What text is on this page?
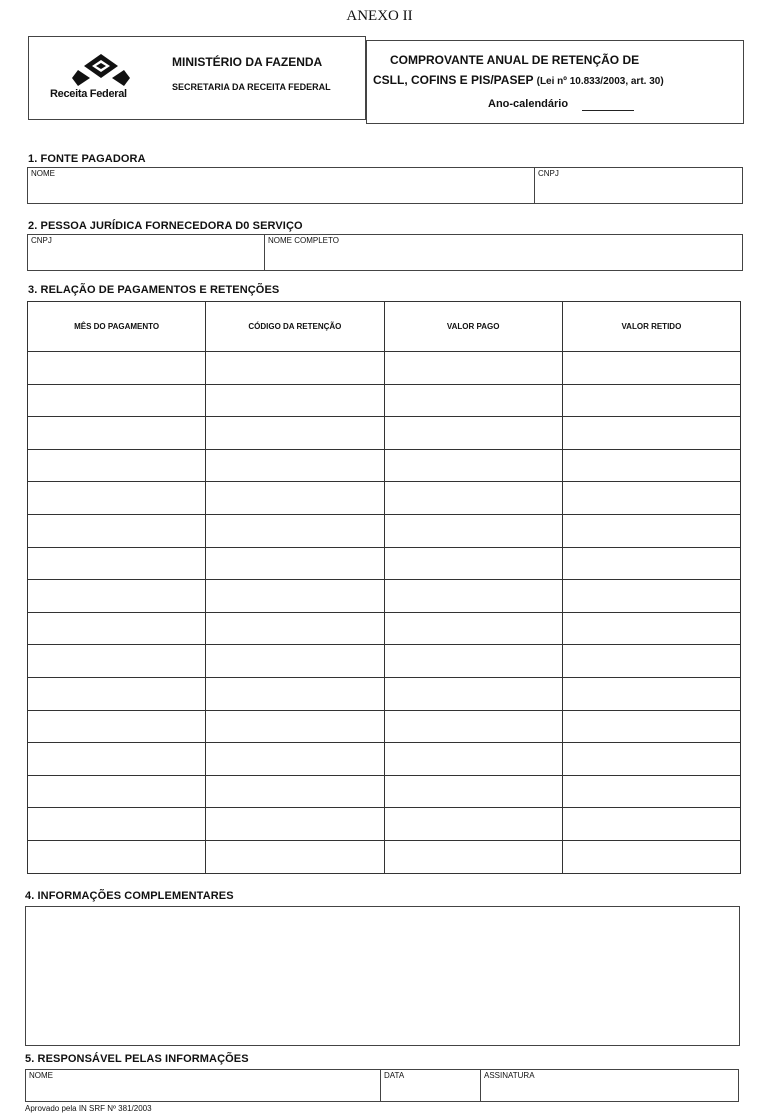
ANEXO II
Receita Federal
MINISTÉRIO DA FAZENDA
SECRETARIA DA RECEITA FEDERAL
COMPROVANTE ANUAL DE RETENÇÃO DE
CSLL, COFINS E PIS/PASEP (Lei nº 10.833/2003, art. 30)
Ano-calendário
1. FONTE PAGADORA
NOME	CNPJ
2. PESSOA JURÍDICA FORNECEDORA D0 SERVIÇO
CNPJ	NOME COMPLETO
3. RELAÇÃO DE PAGAMENTOS E RETENÇÕES
MÊS DO PAGAMENTO	CÓDIGO DA RETENÇÃO	VALOR PAGO	VALOR RETIDO

4. INFORMAÇÕES COMPLEMENTARES
5. RESPONSÁVEL PELAS INFORMAÇÕES
NOME	DATA	ASSINATURA
Aprovado pela IN SRF Nº 381/2003
